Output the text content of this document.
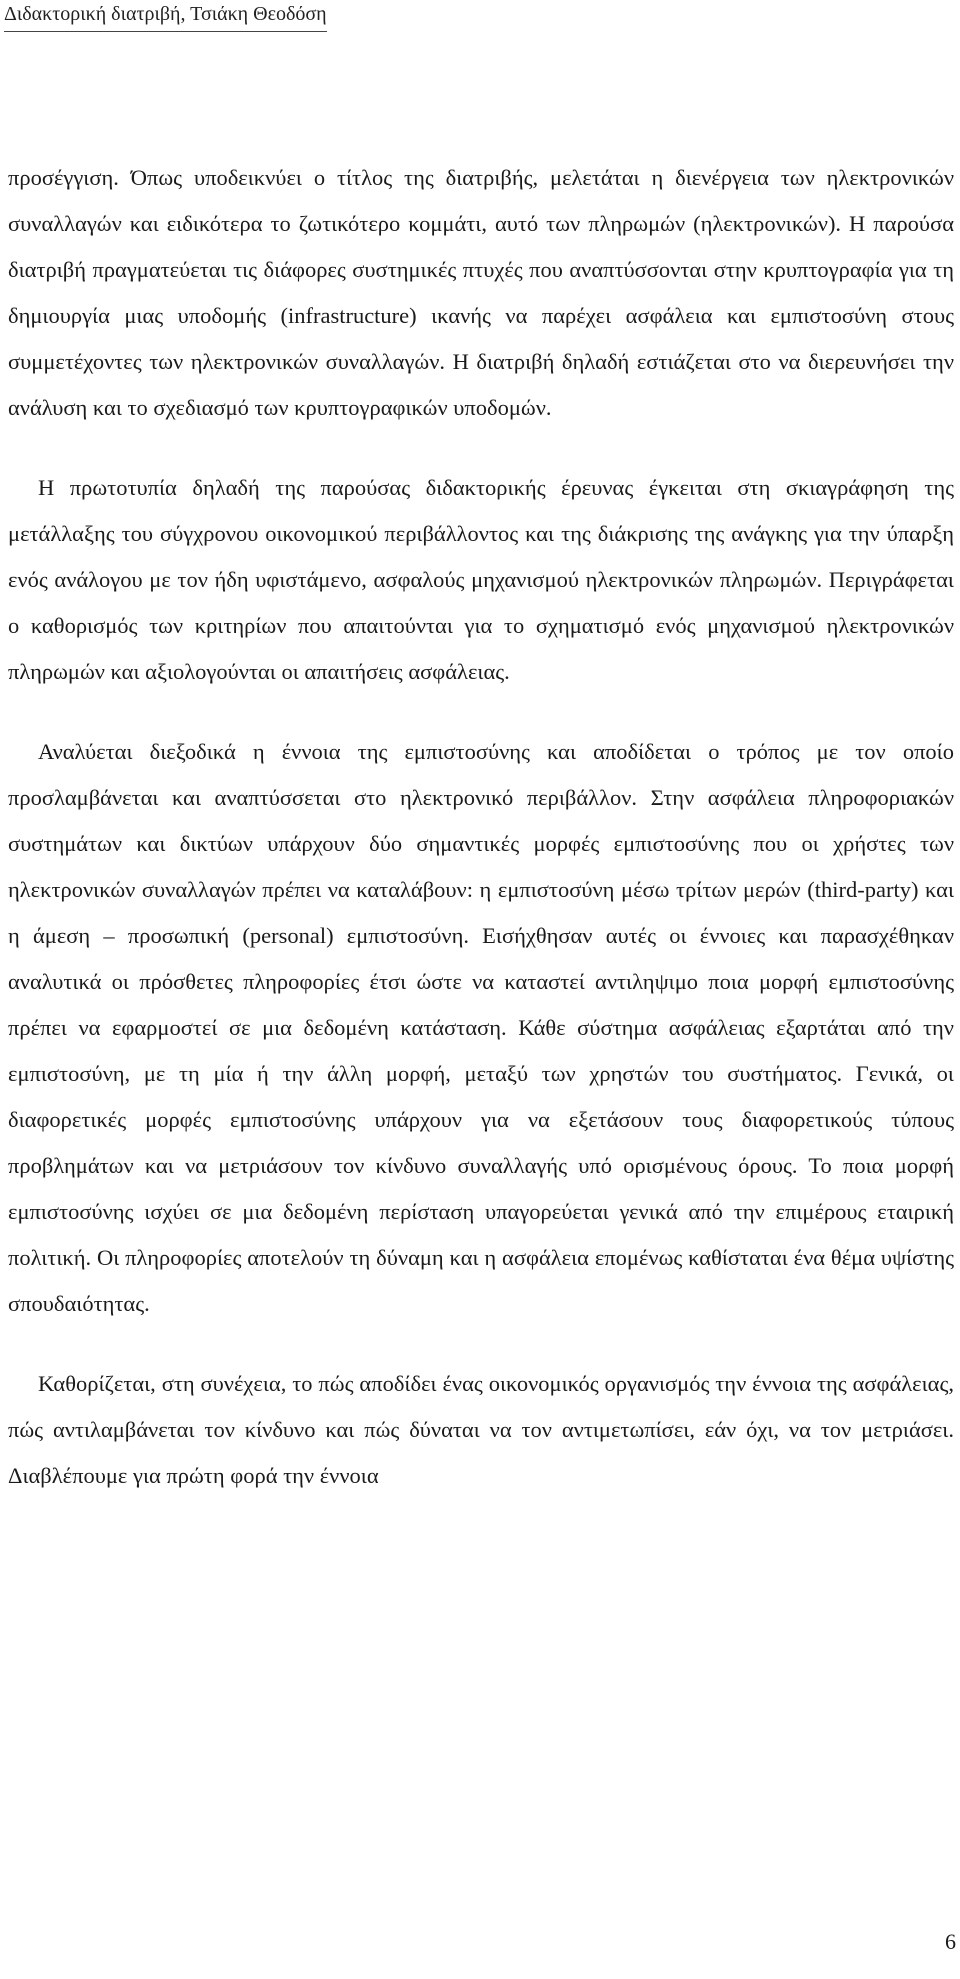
Διδακτορική διατριβή, Τσιάκη Θεοδόση

προσέγγιση. Όπως υποδεικνύει ο τίτλος της διατριβής, μελετάται η διενέργεια των ηλεκτρονικών συναλλαγών και ειδικότερα το ζωτικότερο κομμάτι, αυτό των πληρωμών (ηλεκτρονικών). Η παρούσα διατριβή πραγματεύεται τις διάφορες συστημικές πτυχές που αναπτύσσονται στην κρυπτογραφία για τη δημιουργία μιας υποδομής (infrastructure) ικανής να παρέχει ασφάλεια και εμπιστοσύνη στους συμμετέχοντες των ηλεκτρονικών συναλλαγών. Η διατριβή δηλαδή εστιάζεται στο να διερευνήσει την ανάλυση και το σχεδιασμό των κρυπτογραφικών υποδομών.

Η πρωτοτυπία δηλαδή της παρούσας διδακτορικής έρευνας έγκειται στη σκιαγράφηση της μετάλλαξης του σύγχρονου οικονομικού περιβάλλοντος και της διάκρισης της ανάγκης για την ύπαρξη ενός ανάλογου με τον ήδη υφιστάμενο, ασφαλούς μηχανισμού ηλεκτρονικών πληρωμών. Περιγράφεται ο καθορισμός των κριτηρίων που απαιτούνται για το σχηματισμό ενός μηχανισμού ηλεκτρονικών πληρωμών και αξιολογούνται οι απαιτήσεις ασφάλειας.

Αναλύεται διεξοδικά η έννοια της εμπιστοσύνης και αποδίδεται ο τρόπος με τον οποίο προσλαμβάνεται και αναπτύσσεται στο ηλεκτρονικό περιβάλλον. Στην ασφάλεια πληροφοριακών συστημάτων και δικτύων υπάρχουν δύο σημαντικές μορφές εμπιστοσύνης που οι χρήστες των ηλεκτρονικών συναλλαγών πρέπει να καταλάβουν: η εμπιστοσύνη μέσω τρίτων μερών (third-party) και η άμεση – προσωπική (personal) εμπιστοσύνη. Εισήχθησαν αυτές οι έννοιες και παρασχέθηκαν αναλυτικά οι πρόσθετες πληροφορίες έτσι ώστε να καταστεί αντιληψιμο ποια μορφή εμπιστοσύνης πρέπει να εφαρμοστεί σε μια δεδομένη κατάσταση. Κάθε σύστημα ασφάλειας εξαρτάται από την εμπιστοσύνη, με τη μία ή την άλλη μορφή, μεταξύ των χρηστών του συστήματος. Γενικά, οι διαφορετικές μορφές εμπιστοσύνης υπάρχουν για να εξετάσουν τους διαφορετικούς τύπους προβλημάτων και να μετριάσουν τον κίνδυνο συναλλαγής υπό ορισμένους όρους. Το ποια μορφή εμπιστοσύνης ισχύει σε μια δεδομένη περίσταση υπαγορεύεται γενικά από την επιμέρους εταιρική πολιτική. Οι πληροφορίες αποτελούν τη δύναμη και η ασφάλεια επομένως καθίσταται ένα θέμα υψίστης σπουδαιότητας.

Καθορίζεται, στη συνέχεια, το πώς αποδίδει ένας οικονομικός οργανισμός την έννοια της ασφάλειας, πώς αντιλαμβάνεται τον κίνδυνο και πώς δύναται να τον αντιμετωπίσει, εάν όχι, να τον μετριάσει. Διαβλέπουμε για πρώτη φορά την έννοια

6
